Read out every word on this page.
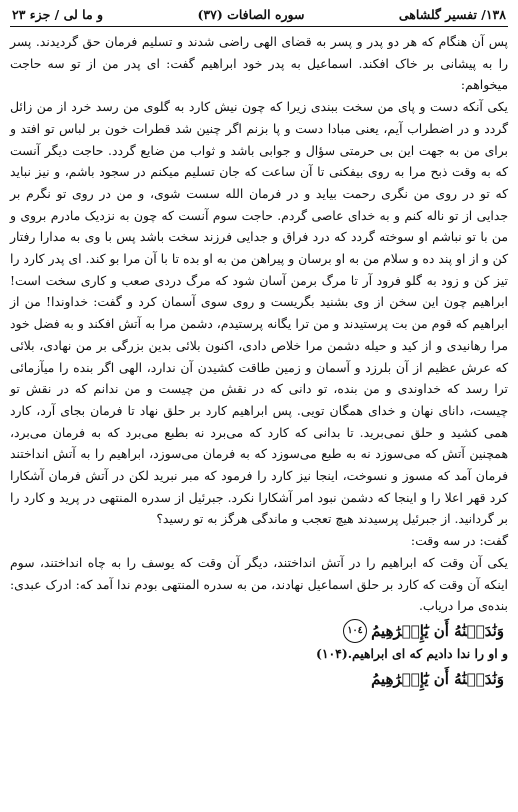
۱۳۸/ تفسیر گلشاهی
سوره الصافات (۳۷)
و ما لی / جزء ۲۳

پس آن هنگام که هر دو پدر و پسر به قضای الهی راضی شدند و تسلیم فرمان حق گردیدند. پسر را به پیشانی بر خاک افکند. اسماعیل به پدر خود ابراهیم گفت: ای پدر من از تو سه حاجت میخواهم:

یکی آنکه دست و پای من سخت ببندی زیرا که چون نیش کارد به گلوی من رسد خرد از من زائل گردد و در اضطراب آیم، یعنی مبادا دست و پا بزنم اگر چنین شد قطرات خون بر لباس تو افتد و برای من به جهت این بی حرمتی سؤال و جوابی باشد و ثواب من ضایع گردد. حاجت دیگر آنست که به وقت ذبح مرا به روی بیفکنی تا آن ساعت که جان تسلیم میکنم در سجود باشم، و نیز نباید که تو در روی من نگری رحمت بیاید و در فرمان الله سست شوی، و من در روی تو نگرم بر جدایی از تو ناله کنم و به خدای عاصی گردم. حاجت سوم آنست که چون به نزدیک مادرم بروی و من با تو نباشم او سوخته گردد که درد فراق و جدایی فرزند سخت باشد پس با وی به مدارا رفتار کن و از او پند ده و سلام من به او برسان و پیراهن من به او بده تا با آن مرا بو کند. ای پدر کارد را تیز کن و زود به گلو فرود آر تا مرگ برمن آسان شود که مرگ دردی صعب و کاری سخت است! ابراهیم چون این سخن از وی بشنید بگریست و روی سوی آسمان کرد و گفت: خداوندا! من از ابراهیم که قوم من بت پرستیدند و من ترا یگانه پرستیدم، دشمن مرا به آتش افکند و به فضل خود مرا رهانیدی و از کید و حیله دشمن مرا خلاص دادی، اکنون بلائی بدین بزرگی بر من نهادی، بلائی که عرش عظیم از آن بلرزد و آسمان و زمین طاقت کشیدن آن ندارد، الهی اگر بنده را میآزمائی ترا رسد که خداوندی و من بنده، تو دانی که در نقش من چیست و من ندانم که در نقش تو چیست، دانای نهان و خدای همگان تویی. پس ابراهیم کارد بر حلق نهاد تا فرمان بجای آرد، کارد همی کشید و حلق نمی‌برید. تا بدانی که کارد که می‌برد نه بطبع می‌برد که به فرمان می‌برد، همچنین آتش که می‌سوزد نه به طبع می‌سوزد که به فرمان می‌سوزد، ابراهیم را به آتش انداختند فرمان آمد که مسوز و نسوخت، اینجا نیز کارد را فرمود که مبر نبرید لکن در آتش فرمان آشکارا کرد قهر اعلا را و اینجا که دشمن نبود امر آشکارا نکرد. جبرئیل از سدره المنتهی در پرید و کارد را بر گردانید. از جبرئیل پرسیدند هیچ تعجب و ماندگی هرگز به تو رسید؟

گفت: در سه وقت:

یکی آن وقت که ابراهیم را در آتش انداختند، دیگر آن وقت که یوسف را به چاه انداختند، سوم اینکه آن وقت که کارد بر حلق اسماعیل نهادند، من به سدره المنتهی بودم ندا آمد که: ادرک عبدی: بنده‌ی مرا دریاب.

وَنَٰدَيۡنَٰهُ أَن يَٰٓإِبۡرَٰهِيمُ
١٠٤

و او را ندا دادیم که ای ابراهیم.(۱۰۴)

وَنَٰدَيۡنَٰهُ أَن يَٰٓإِبۡرَٰهِيمُ
